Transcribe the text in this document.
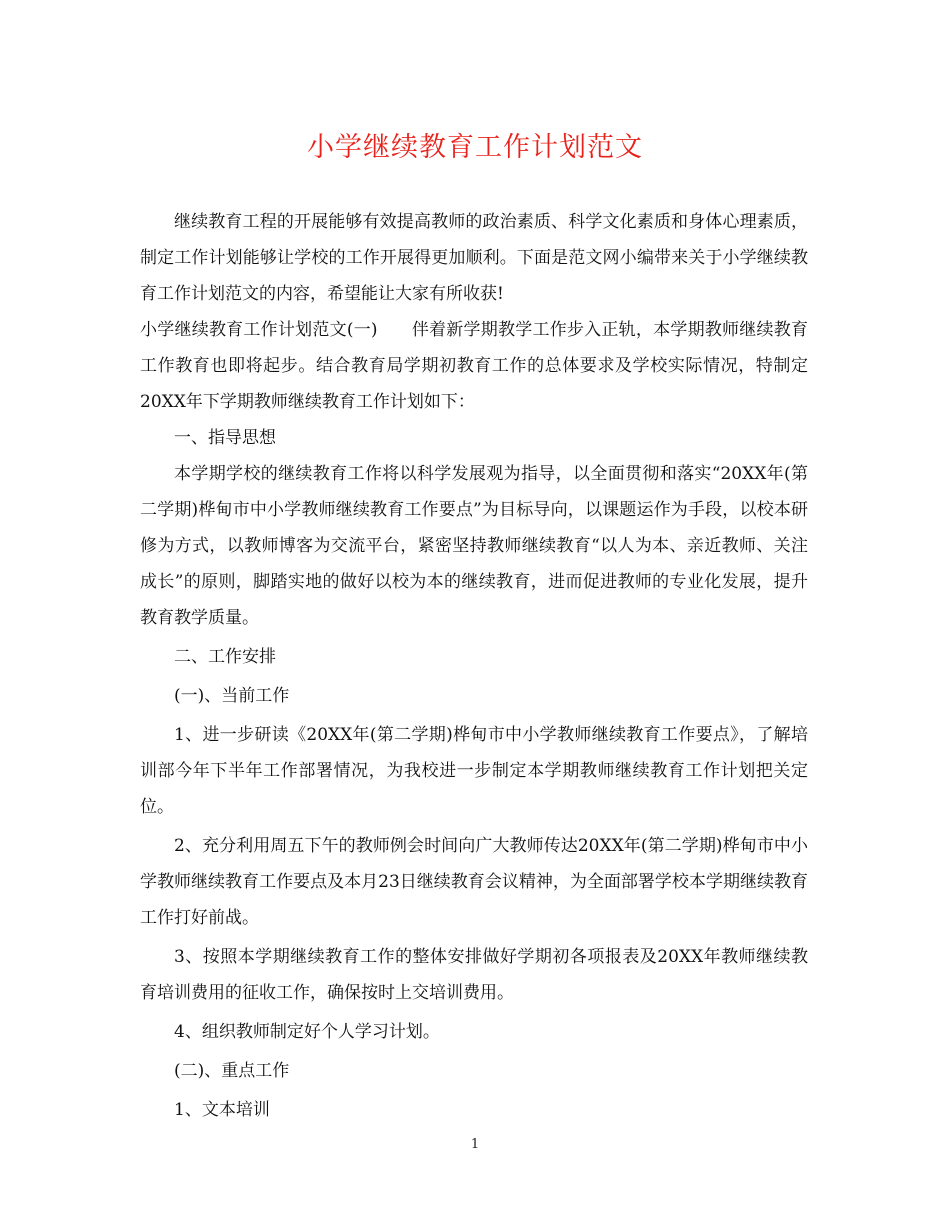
小学继续教育工作计划范文

继续教育工程的开展能够有效提高教师的政治素质、科学文化素质和身体心理素质，制定工作计划能够让学校的工作开展得更加顺利。下面是范文网小编带来关于小学继续教育工作计划范文的内容，希望能让大家有所收获!

小学继续教育工作计划范文(一) 伴着新学期教学工作步入正轨，本学期教师继续教育工作教育也即将起步。结合教育局学期初教育工作的总体要求及学校实际情况，特制定20XX年下学期教师继续教育工作计划如下：

一、指导思想

本学期学校的继续教育工作将以科学发展观为指导，以全面贯彻和落实“20XX年(第二学期)桦甸市中小学教师继续教育工作要点”为目标导向，以课题运作为手段，以校本研修为方式，以教师博客为交流平台，紧密坚持教师继续教育“以人为本、亲近教师、关注成长”的原则，脚踏实地的做好以校为本的继续教育，进而促进教师的专业化发展，提升教育教学质量。

二、工作安排

(一)、当前工作

1、进一步研读《20XX年(第二学期)桦甸市中小学教师继续教育工作要点》，了解培训部今年下半年工作部署情况，为我校进一步制定本学期教师继续教育工作计划把关定位。

2、充分利用周五下午的教师例会时间向广大教师传达20XX年(第二学期)桦甸市中小学教师继续教育工作要点及本月23日继续教育会议精神，为全面部署学校本学期继续教育工作打好前战。

3、按照本学期继续教育工作的整体安排做好学期初各项报表及20XX年教师继续教育培训费用的征收工作，确保按时上交培训费用。

4、组织教师制定好个人学习计划。

(二)、重点工作

1、文本培训

1
